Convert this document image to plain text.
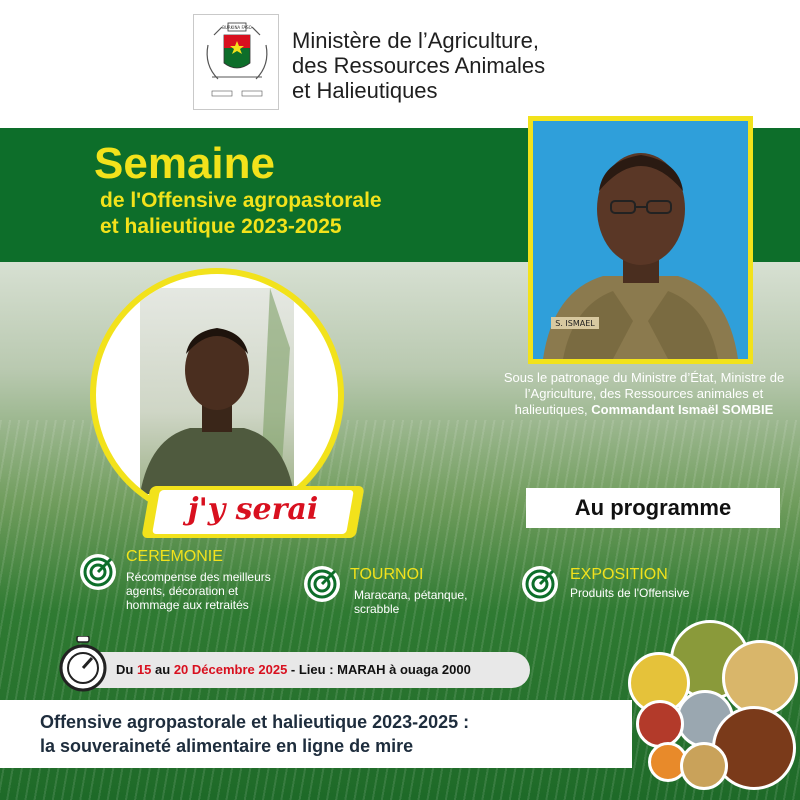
BURKINA FASO
Ministère de l’Agriculture,
des Ressources Animales
et Halieutiques
Semaine
de l'Offensive agropastorale
et halieutique 2023-2025
S. ISMAEL
Sous le patronage du Ministre d’État, Ministre de l’Agriculture, des Ressources animales et halieutiques, Commandant Ismaël SOMBIE
j'y serai	Au programme
CEREMONIE
Récompense des meilleurs
agents, décoration et
hommage aux retraités
TOURNOI
Maracana, pétanque,
scrabble
EXPOSITION
Produits de l'Offensive
Du 15 au 20 Décembre 2025 - Lieu : MARAH à ouaga 2000
Offensive agropastorale et halieutique 2023-2025 :
la souveraineté alimentaire en ligne de mire
